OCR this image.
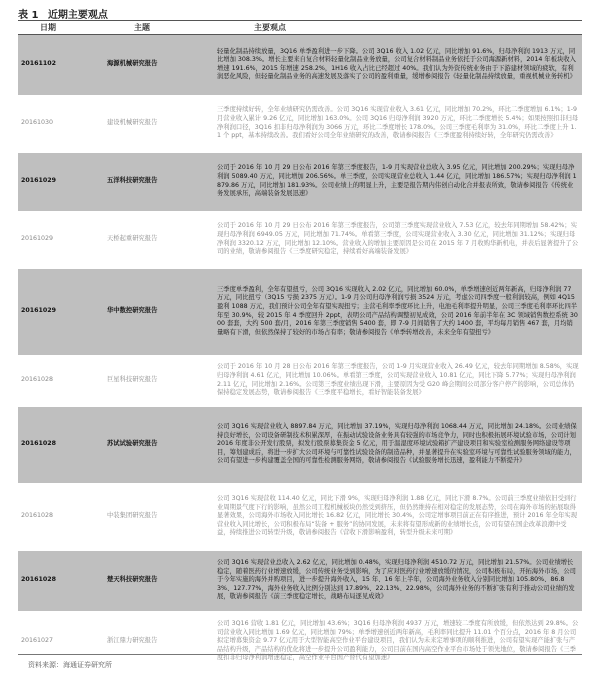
表 1 近期主要观点
日期	主题	主要观点
20161102	海源机械研究报告	轻量化制品持续放量，3Q16 单季盈利进一步下降。公司 3Q16 收入 1.02 亿元，同比增加 91.6%，归母净利润 1913 万元，同比增加 308.3%。增长主要来自复合材料轻量化制品业务放量，公司复合材料制品业务依托于公司海源新材料，2014 年板块收入增速 191.6%，2015 年增速 258.2%，1H16 收入占比已经超过 40%。我们认为外资传统业务由于下游建材领域的疲软，有利润恶化风险，但轻量化制品业务的高速发展及落实了公司的盈利重量，缓增参阅报告《轻量化制品持续放量，重视机械业务转机》
20161030	建设机械研究报告	三季度持续好转，全年业绩研究仍需改善。公司 3Q16 实现营业收入 3.61 亿元，同比增加 70.2%，环比二季度增加 6.1%；1-9 月营业收入累计 9.26 亿元，同比增加 163.0%。公司 3Q16 归母净利润 3920 万元，环比二季度增长 5.4%；如果按照扣非归母净利润口径，3Q16 扣非归母净利润为 3066 万元，环比二季度增长 178.0%。公司三季度毛利率为 31.0%，环比二季度上升 1.1 个 ppt，基本持续改善。我们看好公司全年业绩研究的改善，敬请参阅报告《三季度盈利持续好转，全年研究仍需改善》
20161029	五洋科技研究报告	公司于 2016 年 10 月 29 日公布 2016 年第三季度报告，1-9 月实现营业总收入 3.95 亿元，同比增加 200.29%；实现归母净利润 5089.40 万元，同比增加 206.56%。单三季度，公司实现营业总收入 1.44 亿元，同比增加 186.57%；实现归母净利润 1879.86 万元，同比增加 181.93%。公司业绩上的明显上升，主要是报告期内伟创自动化合并报表所致，敬请参阅报告《传统业务发展承压，高端装备发展迅速》
20161029	天桥起重研究报告	公司于 2016 年 10 月 29 日公布 2016 年第三季度报告，公司第三季度实现营业收入 7.53 亿元，较去年同期增加 58.42%；实现归母净利润 6949.05 万元，同比增加 71.74%。单看第三季度，公司实现营业收入 3.30 亿元，同比增加 31.12%；实现归母净利润 3320.12 万元，同比增加 12.10%。营业收入的增加主要原因是公司在 2015 年 7 月收购华新机电，并表后显著提升了公司的业绩，敬请参阅报告《三季度研究稳定，持续看好高端装备发展》
20161029	华中数控研究报告	三季度单季盈利，全年有望扭亏，公司 3Q16 实现收入 2.02 亿元，同比增加 60.0%，单季增速创近两年新高，归母净利润 77 万元，同比扭亏（3Q15 亏损 2375 万元）。1-9 月公司归母净利润亏损 3524 万元，考虑公司四季度一般利润较高，例如 4Q15 盈利 1088 万元，我们预计公司全年有望实现扭亏；主营毛利率季度环比上升，电池毛利率提升明显，公司三季度毛利率环比四半年至 30.9%，较 2015 年 4 季度回升 2ppt，表明公司产品结构调整初见成效，公司 2016 年前半年在 3C 领域销售数控系统 3000 套套，大约 500 套/月，2016 年第三季度销售 5400 套，即 7-9 月间销售了大约 1400 套，平均每月销售 467 套，月均销量略有下滑，但依然保持了较好的市场占有率；敬请参阅报告《单季转增改善，未来全年有望扭亏》
20161028	巨星科技研究报告	公司于 2016 年 10 月 28 日公布 2016 年第三季度报告，公司 1-9 月实现营业收入 26.49 亿元，较去年同期增加 8.58%，实现归母净利润 4.61 亿元，同比增加 10.06%。单看第三季度，公司实现营业收入 10.81 亿元，同比下降 5.77%；实现归母净利润 2.11 亿元，同比增加 2.16%。公司第三季度业绩出现下滑，主要原因为受 G20 峰会期间公司部分客户停产的影响，公司总体仍保持稳定发展态势，敬请参阅报告《三季度平稳增长，看好智能装备发展》
20161028	苏试试验研究报告	公司 3Q16 实现营业收入 8897.84 万元，同比增加 37.19%，实现归母净利润 1068.44 万元，同比增加 24.18%。公司业绩保持良好增长，公司设备研制技术积累深厚，在振动试验设备业务具有较强的市场竞争力，同时也积极拓展环境试验市场，公司计划 2016 年度非公开发行股票，拟发行股票募集资金 5 亿元，用于温湿度环境试验箱扩产建设项目和实验室检测服务网络建设等项目，筹划建成后，将进一步扩大公司环境与可靠性试验设备的制造品种，并显著提升在实验室环境与可靠性试验服务领域的能力，公司有望进一步构建覆盖全国的可靠性检测服务网络，敬请参阅报告《试验服务增长迅速，盈利能力不断提升》
20161028	中装集团研究报告	公司 3Q16 实现营收 114.40 亿元，同比下滑 9%，实现归母净利润 1.88 亿元，同比下滑 8.7%。公司前三季度业绩依旧受到行业周期景气度下行的影响，虽然公司工程机械板块仍然受到挤压，但仍然维持在相对稳定的发展态势，公司在海外市场的拓展取得显著效果，公司海外市场收入同比增长 16.82 亿元，同比增长 30.4%，公司定增事项目前正在有序推进，预计 2016 年全年实现营业收入同比增长，公司积极布局“装备 + 服务”的协同发展，未来将有望形成新的业绩增长点，公司有望在国企改革浪潮中受益，持续推进公司转型升级，敬请参阅报告《营收下滑影响盈利，转型升级未来可期》
20161028	楚天科技研究报告	公司 3Q16 实现营业总收入 2.62 亿元，同比增加 0.48%，实现归母净利润 4510.72 万元，同比增加 21.57%。公司业绩增长稳定，随着医药行业增速放缓，公司传统业务受到影响，为了应对医药行业增速放缓的情况，公司积极布局，开拓海外市场，公司于今年实施的海外并购项目，进一步提升海外收入，15 年、16 年上半年，公司海外业务收入分别同比增加 105.80%、86.83%、127.77%，海外业务收入比例分别达到 17.89%、22.13%、22.98%，公司海外业务的不断扩张有利于推动公司业绩的发展，敬请参阅报告《前三季度稳定增长，战略布局逐见成效》
20161027	浙江鼎力研究报告	公司 3Q16 营收 1.81 亿元，同比增加 43.6%；3Q16 归母净利润 4937 万元，增速较二季度有所放缓，但依然达到 29.8%。公司营业收入同比增加 1.69 亿元，同比增加 79%；单季增速创近两年新高，毛利率同比提升 11.01 个百分点，2016 年 8 月公司拟定增募集资金 9.77 亿元用于大型智能高空作业平台建设项目，我们认为未来定增事项的顺利推进，公司有望实现产能扩张与产品结构升级，产品结构的优化将进一步提升公司盈利能力，公司目前在国内高空作业平台市场处于领先地位，敬请参阅报告《三季度扣非归母净利润增速稳定，高空作业平台国产替代有望加速》
资料来源：海通证券研究所
